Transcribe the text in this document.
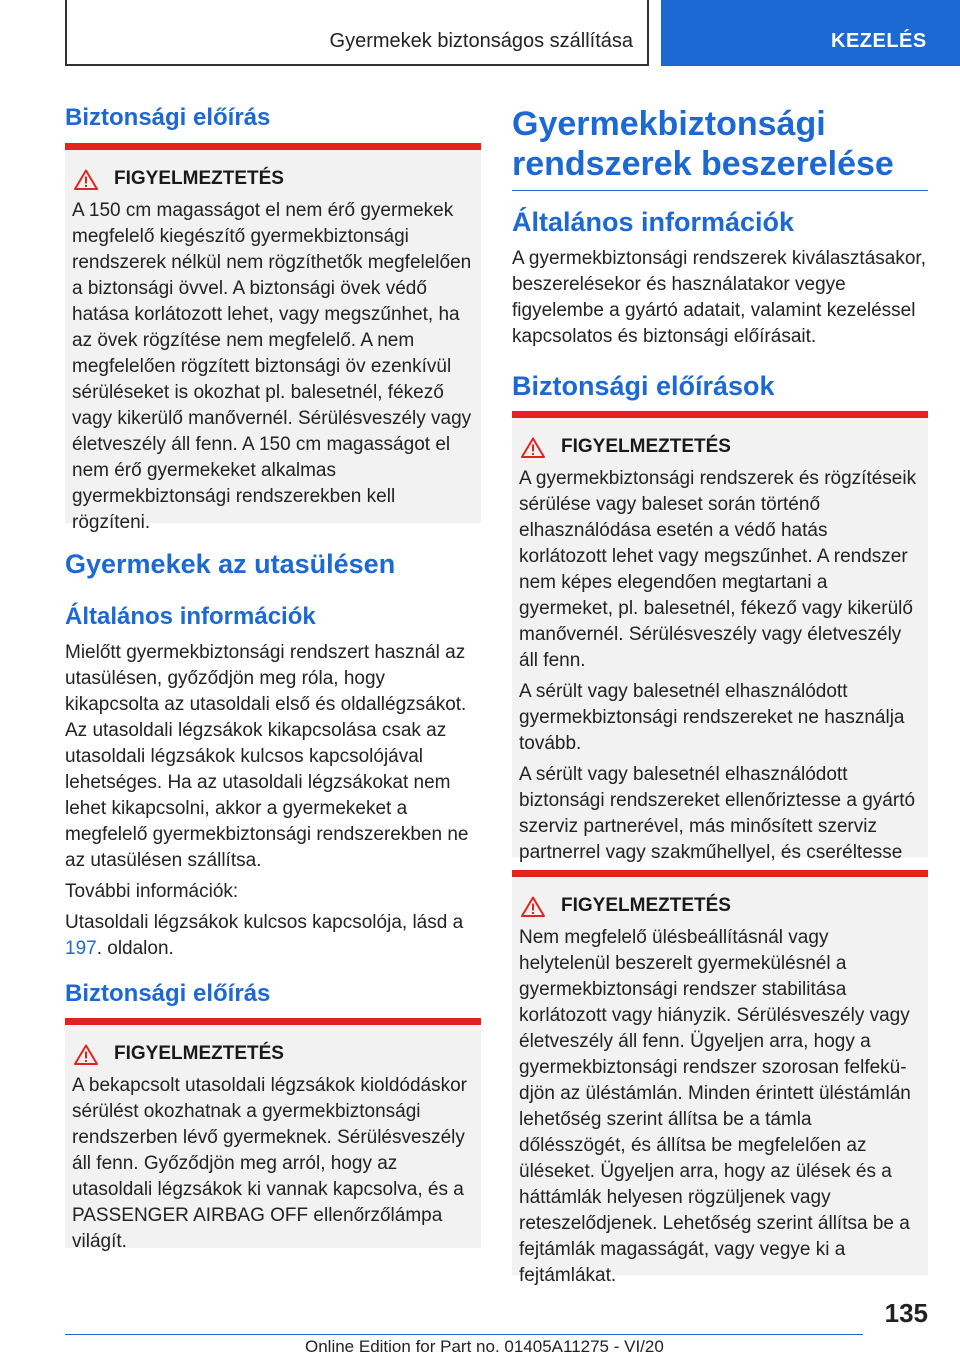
Gyermekek biztonságos szállítása	KEZELÉS
Biztonsági előírás
FIGYELMEZTETÉS
A 150 cm magasságot el nem érő gyermekek megfelelő kiegészítő gyermekbiztonsági rendszerek nélkül nem rögzíthetők megfelelően a biztonsági övvel. A biztonsági övek védő hatása korlátozott lehet, vagy megszűnhet, ha az övek rögzítése nem megfelelő. A nem megfelelően rögzített biztonsági öv ezenkívül sérüléseket is okozhat pl. balesetnél, fékező vagy kikerülő manővernél. Sérülésveszély vagy életveszély áll fenn. A 150 cm magasságot el nem érő gyermekeket alkalmas gyermekbiztonsági rendszerekben kell rögzíteni.
Gyermekek az utasülésen
Általános információk

Mielőtt gyermekbiztonsági rendszert használ az utasülésen, győződjön meg róla, hogy kikapcsolta az utasoldali első és oldallégzsákot. Az utasoldali légzsákok kikapcsolása csak az utasoldali légzsákok kulcsos kapcsolójával lehetséges. Ha az utasoldali légzsákokat nem lehet kikapcsolni, akkor a gyermekeket a megfelelő gyermekbiztonsági rendszerekben ne az utasülésen szállítsa.

További információk:

Utasoldali légzsákok kulcsos kapcsolója, lásd a 197. oldalon.

Biztonsági előírás
FIGYELMEZTETÉS
A bekapcsolt utasoldali légzsákok kioldódáskor sérülést okozhatnak a gyermekbiztonsági rendszerben lévő gyermeknek. Sérülésveszély áll fenn. Győződjön meg arról, hogy az utasoldali légzsákok ki vannak kapcsolva, és a PASSENGER AIRBAG OFF ellenőrzőlámpa világít.
Gyermekbiztonsági rendszerek beszerelése
Általános információk
A gyermekbiztonsági rendszerek kiválasztásakor, beszerelésekor és használatakor vegye figyelembe a gyártó adatait, valamint kezeléssel kapcsolatos és biztonsági előírásait.
Biztonsági előírások
FIGYELMEZTETÉS

A gyermekbiztonsági rendszerek és rögzítéseik sérülése vagy baleset során történő elhasználódása esetén a védő hatás korlátozott lehet vagy megszűnhet. A rendszer nem képes elegendően megtartani a gyermeket, pl. balesetnél, fékező vagy kikerülő manővernél. Sérülésveszély vagy életveszély áll fenn.

A sérült vagy balesetnél elhasználódott gyermekbiztonsági rendszereket ne használja tovább.

A sérült vagy balesetnél elhasználódott biztonsági rendszereket ellenőriztesse a gyártó szerviz partnerével, más minősített szerviz partnerrel vagy szakműhellyel, és cseréltesse

FIGYELMEZTETÉS
Nem megfelelő ülésbeállításnál vagy helytelenül beszerelt gyermekülésnél a gyermekbiztonsági rendszer stabilitása korlátozott vagy hiányzik. Sérülésveszély vagy életveszély áll fenn. Ügyeljen arra, hogy a gyermekbiztonsági rendszer szorosan felfeküdjön az üléstámlán. Minden érintett üléstámlán lehetőség szerint állítsa be a támla dőlésszögét, és állítsa be megfelelően az üléseket. Ügyeljen arra, hogy az ülések és a háttámlák helyesen rögzüljenek vagy reteszelődjenek. Lehetőség szerint állítsa be a fejtámlák magasságát, vagy vegye ki a fejtámlákat.
135
Online Edition for Part no. 01405A11275 - VI/20
